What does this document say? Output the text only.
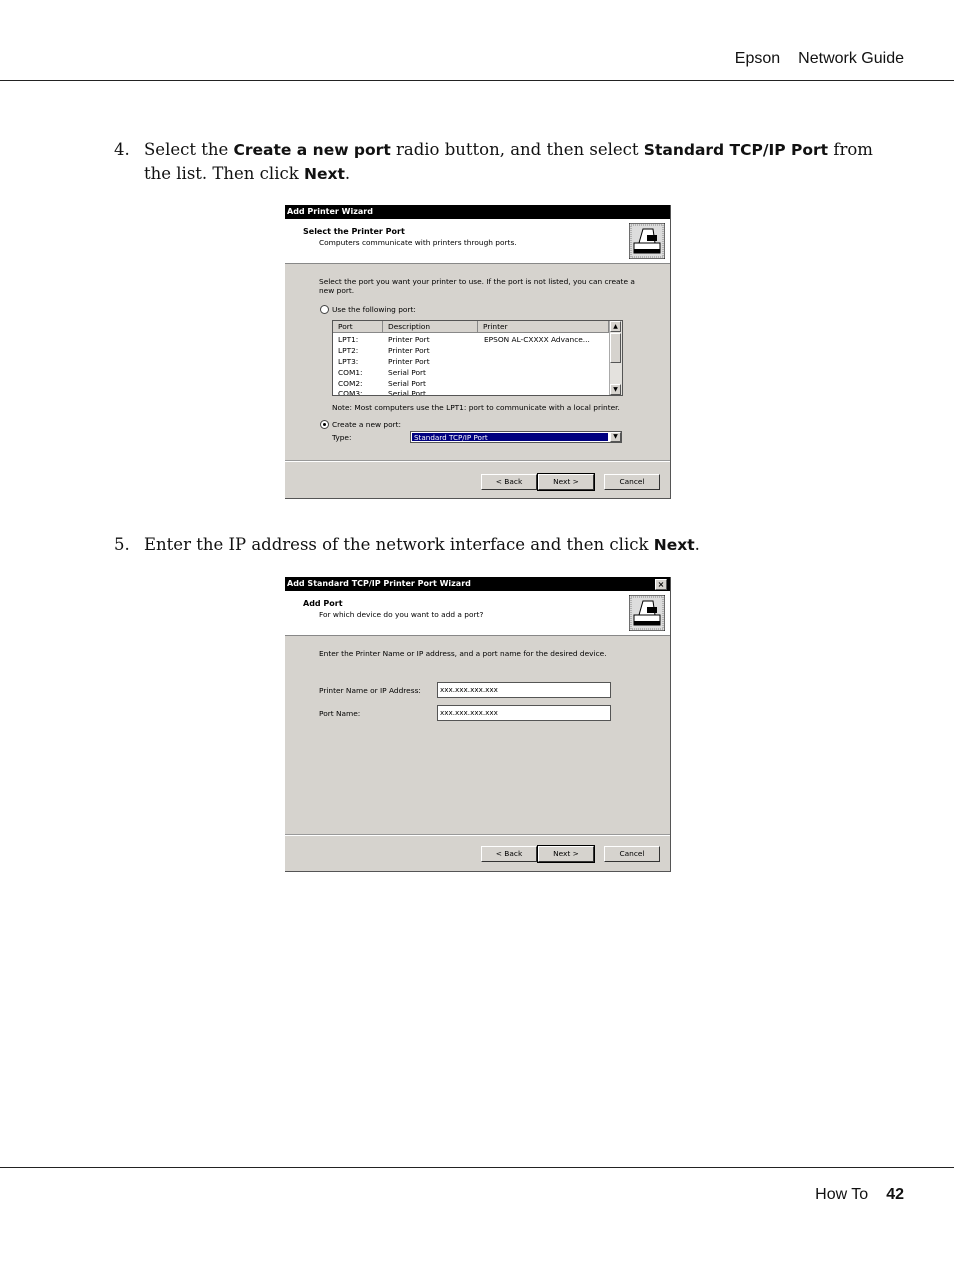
Epson Network Guide
4. Select the Create a new port radio button, and then select Standard TCP/IP Port from the list. Then click Next.
Add Printer Wizard
Select the Printer Port
Computers communicate with printers through ports.
Select the port you want your printer to use. If the port is not listed, you can create a
new port.
Use the following port:
Port	Description	Printer
LPT1:	Printer Port	EPSON AL-CXXXX Advance...
LPT2:	Printer Port
LPT3:	Printer Port
COM1:	Serial Port
COM2:	Serial Port
COM3:	Serial Port
▲
▼
Note: Most computers use the LPT1: port to communicate with a local printer.
Create a new port:
Type:	Standard TCP/IP Port	▼
< Back	Next >	Cancel
5. Enter the IP address of the network interface and then click Next.
Add Standard TCP/IP Printer Port Wizard	×
Add Port
For which device do you want to add a port?
Enter the Printer Name or IP address, and a port name for the desired device.
Printer Name or IP Address:	xxx.xxx.xxx.xxx
Port Name:	xxx.xxx.xxx.xxx
< Back	Next >	Cancel
How To 42
